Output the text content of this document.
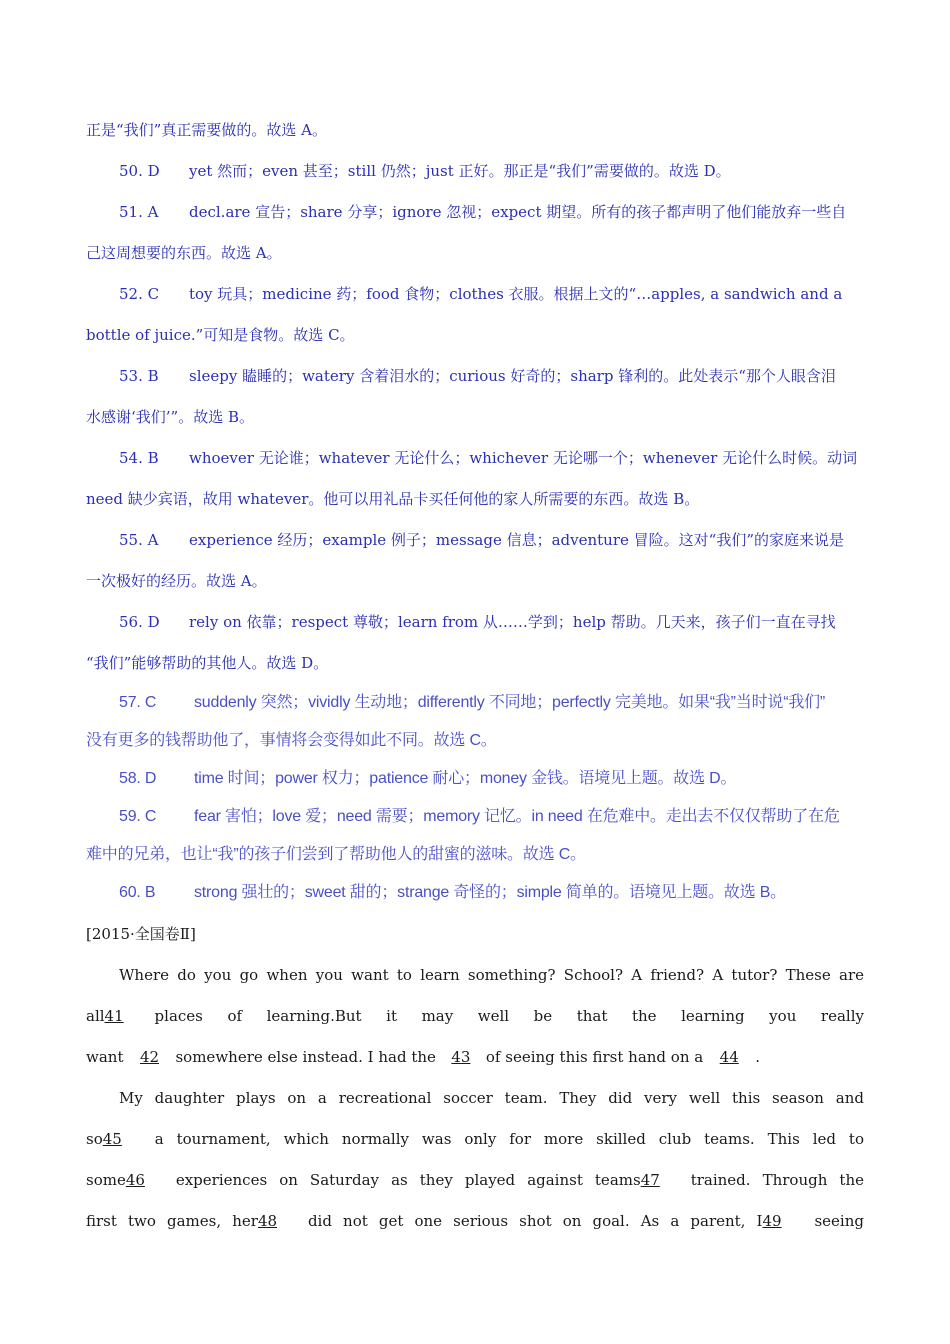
正是“我们”真正需要做的。故选 A。

50. D yet 然而；even 甚至；still 仍然；just 正好。那正是“我们”需要做的。故选 D。

51. A decl.are 宣告；share 分享；ignore 忽视；expect 期望。所有的孩子都声明了他们能放弃一些自

己这周想要的东西。故选 A。

52. C toy 玩具；medicine 药；food 食物；clothes 衣服。根据上文的“…apples, a sandwich and a

bottle of juice.”可知是食物。故选 C。

53. B sleepy 瞌睡的；watery 含着泪水的；curious 好奇的；sharp 锋利的。此处表示“那个人眼含泪

水感谢‘我们’”。故选 B。

54. B whoever 无论谁；whatever 无论什么；whichever 无论哪一个；whenever 无论什么时候。动词

need 缺少宾语，故用 whatever。他可以用礼品卡买任何他的家人所需要的东西。故选 B。

55. A experience 经历；example 例子；message 信息；adventure 冒险。这对“我们”的家庭来说是

一次极好的经历。故选 A。

56. D rely on 依靠；respect 尊敬；learn from 从……学到；help 帮助。几天来，孩子们一直在寻找

“我们”能够帮助的其他人。故选 D。

57. C suddenly 突然；vividly 生动地；differently 不同地；perfectly 完美地。如果“我”当时说“我们”

没有更多的钱帮助他了，事情将会变得如此不同。故选 C。

58. D time 时间；power 权力；patience 耐心；money 金钱。语境见上题。故选 D。

59. C fear 害怕；love 爱；need 需要；memory 记忆。in need 在危难中。走出去不仅仅帮助了在危

难中的兄弟，也让“我”的孩子们尝到了帮助他人的甜蜜的滋味。故选 C。

60. B strong 强壮的；sweet 甜的；strange 奇怪的；simple 简单的。语境见上题。故选 B。

[2015·全国卷Ⅱ]

Where do you go when you want to learn something? School? A friend? A tutor? These are

all41 places of learning.But it may well be that the learning you really

want 42 somewhere else instead. I had the 43 of seeing this first hand on a 44 .

My daughter plays on a recreational soccer team. They did very well this season and

so45 a tournament, which normally was only for more skilled club teams. This led to

some46 experiences on Saturday as they played against teams47 trained. Through the

first two games, her48 did not get one serious shot on goal. As a parent, I49 seeing
